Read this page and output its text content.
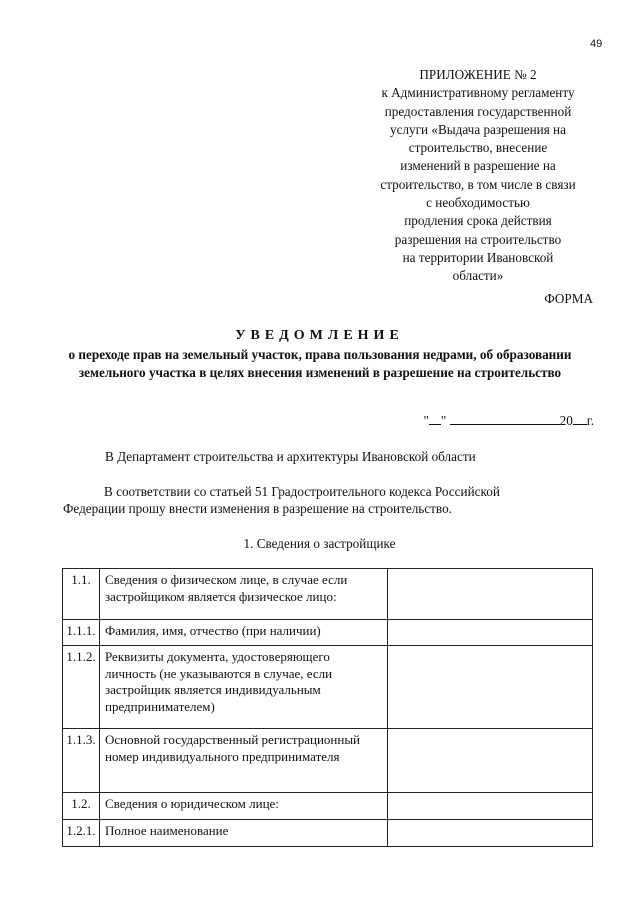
49
ПРИЛОЖЕНИЕ № 2
к Административному регламенту
предоставления государственной
услуги «Выдача разрешения на
строительство, внесение
изменений в разрешение на
строительство, в том числе в связи
с необходимостью
продления срока действия
разрешения на строительство
на территории Ивановской
области»
ФОРМА
УВЕДОМЛЕНИЕ
о переходе прав на земельный участок, права пользования недрами, об образовании земельного участка в целях внесения изменений в разрешение на строительство
" "	20 г.
В Департамент строительства и архитектуры Ивановской области
В соответствии со статьей 51 Градостроительного кодекса Российской
Федерации прошу внести изменения в разрешение на строительство.
1. Сведения о застройщике
1.1.	Сведения о физическом лице, в случае если застройщиком является физическое лицо:	
1.1.1.	Фамилия, имя, отчество (при наличии)	
1.1.2.	Реквизиты документа, удостоверяющего личность (не указываются в случае, если застройщик является индивидуальным предпринимателем)	
1.1.3.	Основной государственный регистрационный номер индивидуального предпринимателя	
1.2.	Сведения о юридическом лице:	
1.2.1.	Полное наименование	
